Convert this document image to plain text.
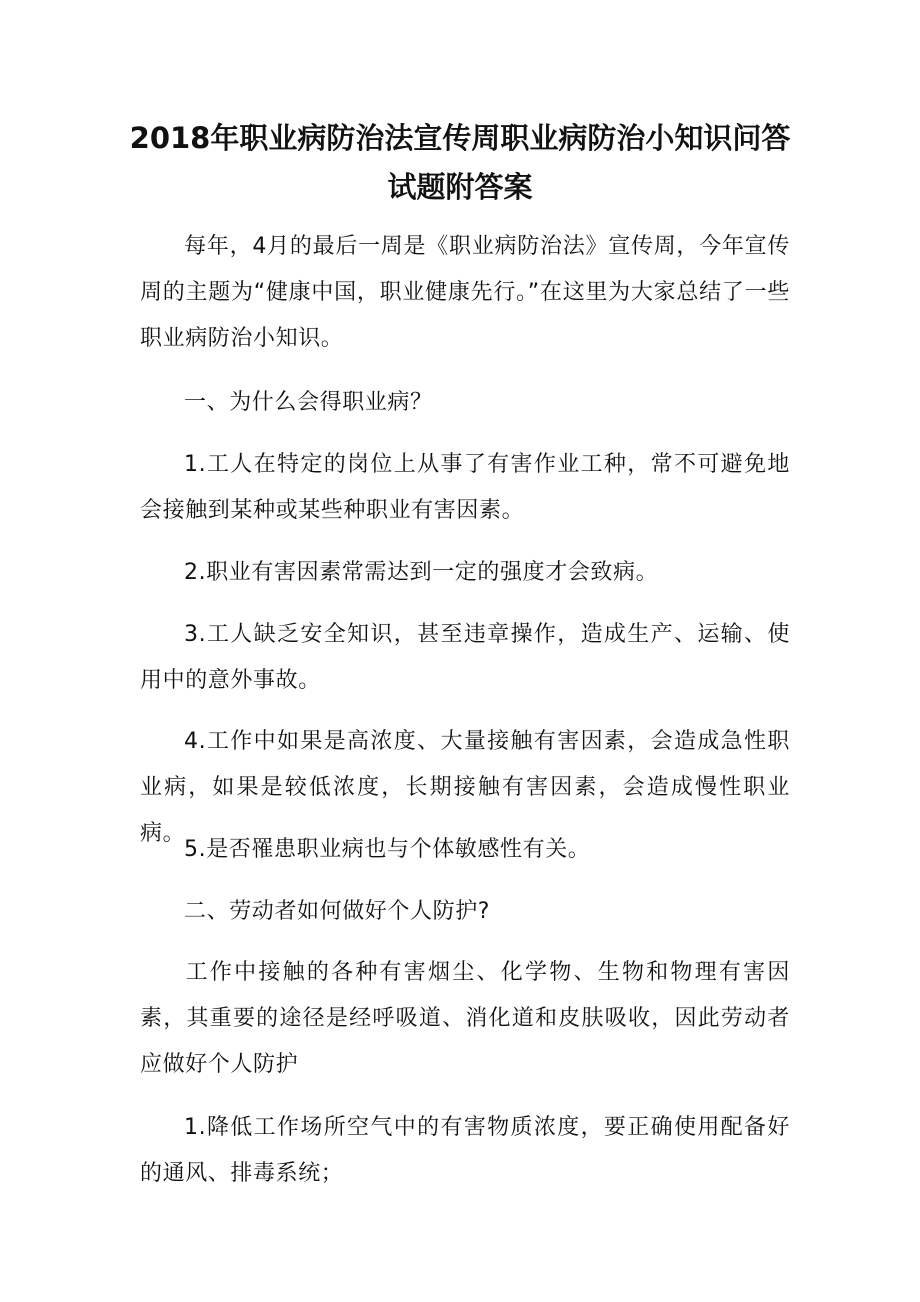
2018年职业病防治法宣传周职业病防治小知识问答
试题附答案

每年，4月的最后一周是《职业病防治法》宣传周，今年宣传周的主题为“健康中国，职业健康先行。”在这里为大家总结了一些职业病防治小知识。

一、为什么会得职业病？

1.工人在特定的岗位上从事了有害作业工种，常不可避免地会接触到某种或某些种职业有害因素。

2.职业有害因素常需达到一定的强度才会致病。

3.工人缺乏安全知识，甚至违章操作，造成生产、运输、使用中的意外事故。

4.工作中如果是高浓度、大量接触有害因素，会造成急性职业病，如果是较低浓度，长期接触有害因素，会造成慢性职业病。

5.是否罹患职业病也与个体敏感性有关。

二、劳动者如何做好个人防护?

工作中接触的各种有害烟尘、化学物、生物和物理有害因素，其重要的途径是经呼吸道、消化道和皮肤吸收，因此劳动者应做好个人防护

1.降低工作场所空气中的有害物质浓度，要正确使用配备好的通风、排毒系统；
